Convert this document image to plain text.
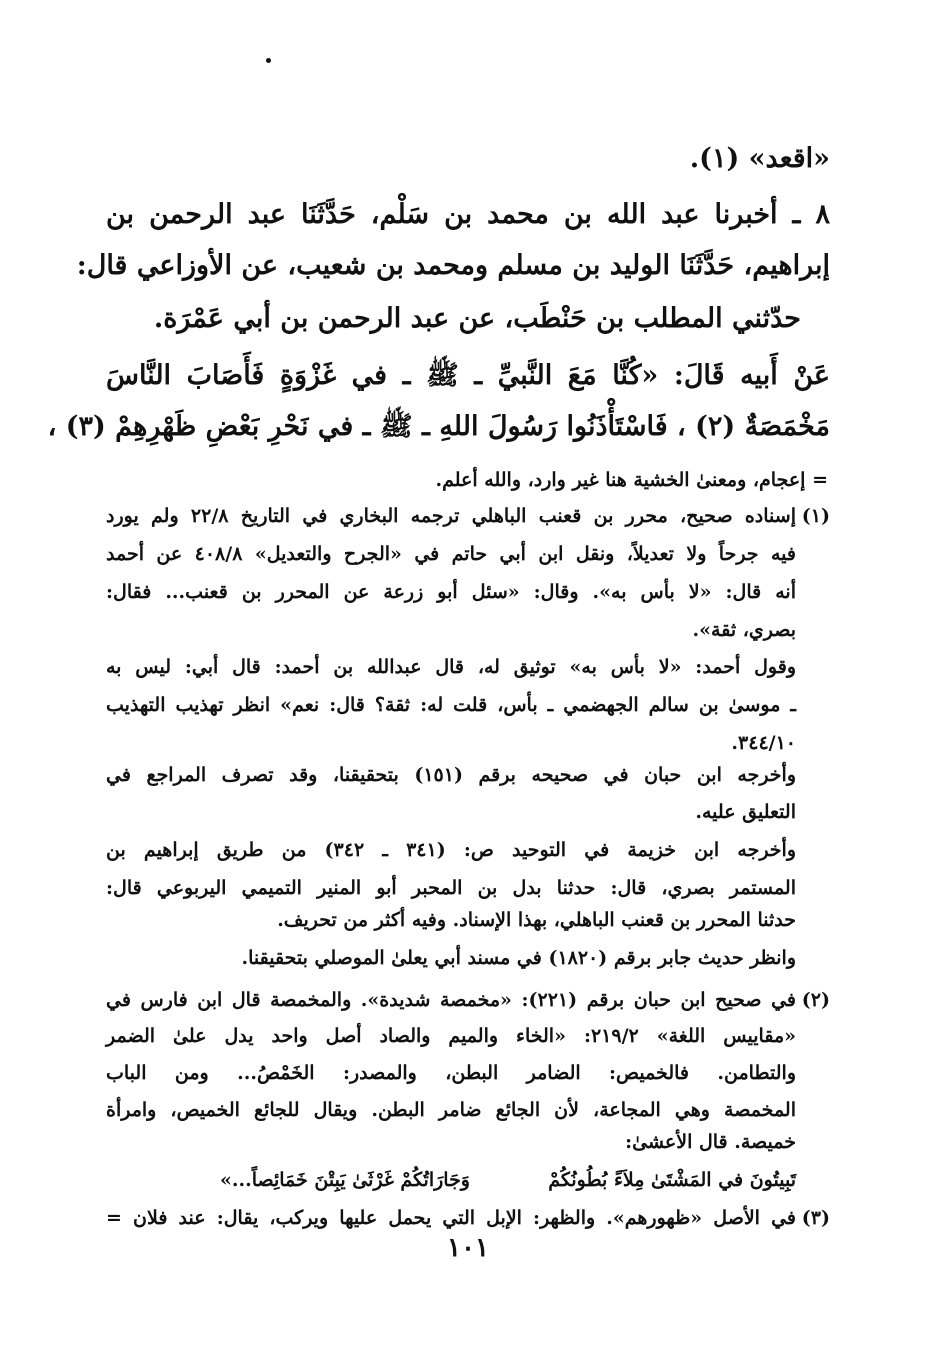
«اقعد» (١).
٨ ـ أخبرنا عبد الله بن محمد بن سَلْم، حَدَّثَنَا عبد الرحمن بن
إبراهيم، حَدَّثَنَا الوليد بن مسلم ومحمد بن شعيب، عن الأوزاعي قال:
حدّثني المطلب بن حَنْطَب، عن عبد الرحمن بن أبي عَمْرَة.
عَنْ أَبيه قَالَ: «كُنَّا مَعَ النَّبيِّ ـ ﷺ ـ في غَزْوَةٍ فَأَصَابَ النَّاسَ
مَخْمَصَةٌ (٢) ، فَاسْتَأْذَنُوا رَسُولَ اللهِ ـ ﷺ ـ في نَحْرِ بَعْضِ ظَهْرِهِمْ (٣) ،
= إعجام، ومعنىٰ الخشية هنا غير وارد، والله أعلم.
(١)
إسناده صحيح، محرر بن قعنب الباهلي ترجمه البخاري في التاريخ ٢٢/٨ ولم يورد
فيه جرحاً ولا تعديلاً، ونقل ابن أبي حاتم في «الجرح والتعديل» ٤٠٨/٨ عن أحمد
أنه قال: «لا بأس به». وقال: «سئل أبو زرعة عن المحرر بن قعنب... فقال:
بصري، ثقة».
وقول أحمد: «لا بأس به» توثيق له، قال عبدالله بن أحمد: قال أبي: ليس به
ـ موسىٰ بن سالم الجهضمي ـ بأس، قلت له: ثقة؟ قال: نعم» انظر تهذيب التهذيب
٣٤٤/١٠.
وأخرجه ابن حبان في صحيحه برقم (١٥١) بتحقيقنا، وقد تصرف المراجع في
التعليق عليه.
وأخرجه ابن خزيمة في التوحيد ص: (٣٤١ ـ ٣٤٢) من طريق إبراهيم بن
المستمر بصري، قال: حدثنا بدل بن المحبر أبو المنير التميمي اليربوعي قال:
حدثنا المحرر بن قعنب الباهلي، بهذا الإسناد. وفيه أكثر من تحريف.
وانظر حديث جابر برقم (١٨٢٠) في مسند أبي يعلىٰ الموصلي بتحقيقنا.
(٢)
في صحيح ابن حبان برقم (٢٢١): «مخمصة شديدة». والمخمصة قال ابن فارس في
«مقاييس اللغة» ٢١٩/٢: «الخاء والميم والصاد أصل واحد يدل علىٰ الضمر
والتطامن. فالخميص: الضامر البطن، والمصدر: الخَمْصُ... ومن الباب
المخمصة وهي المجاعة، لأن الجائع ضامر البطن. ويقال للجائع الخميص، وامرأة
خميصة. قال الأعشىٰ:
تَبِيتُونَ في المَشْتَىٰ مِلاَءً بُطُونُكُمْ
وَجَارَاتُكُمْ غَرْثَىٰ يَبِتْنَ خَمَائِصاً...»
(٣)
في الأصل «ظهورهم». والظهر: الإبل التي يحمل عليها ويركب، يقال: عند فلان =
١٠١
